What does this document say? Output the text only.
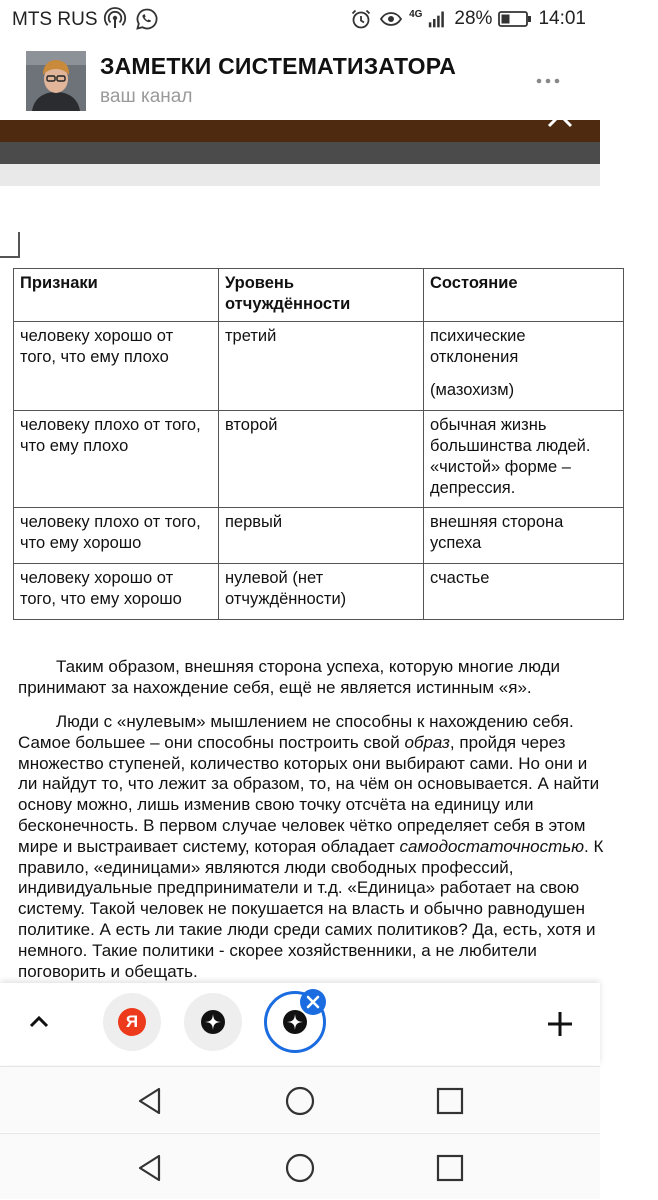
MTS RUS	4G 28% 14:01
ЗАМЕТКИ СИСТЕМАТИЗАТОРА
ваш канал
Признаки	Уровень отчуждённости	Состояние
человеку хорошо от того, что ему плохо	третий	психические отклонения
(мазохизм)
человеку плохо от того, что ему плохо	второй	обычная жизнь большинства людей. «чистой» форме – депрессия.
человеку плохо от того, что ему хорошо	первый	внешняя сторона успеха
человеку хорошо от того, что ему хорошо	нулевой (нет отчуждённости)	счастье
Таким образом, внешняя сторона успеха, которую многие люди
принимают за нахождение себя, ещё не является истинным «я».
Люди с «нулевым» мышлением не способны к нахождению себя.
Самое большее – они способны построить свой образ, пройдя через
множество ступеней, количество которых они выбирают сами. Но они и
ли найдут то, что лежит за образом, то, на чём он основывается. А найти
основу можно, лишь изменив свою точку отсчёта на единицу или
бесконечность. В первом случае человек чётко определяет себя в этом
мире и выстраивает систему, которая обладает самодостаточностью. К
правило, «единицами» являются люди свободных профессий,
индивидуальные предприниматели и т.д. «Единица» работает на свою
систему. Такой человек не покушается на власть и обычно равнодушен
политике. А есть ли такие люди среди самих политиков? Да, есть, хотя и
немного. Такие политики - скорее хозяйственники, а не любители
поговорить и обещать.
Я
